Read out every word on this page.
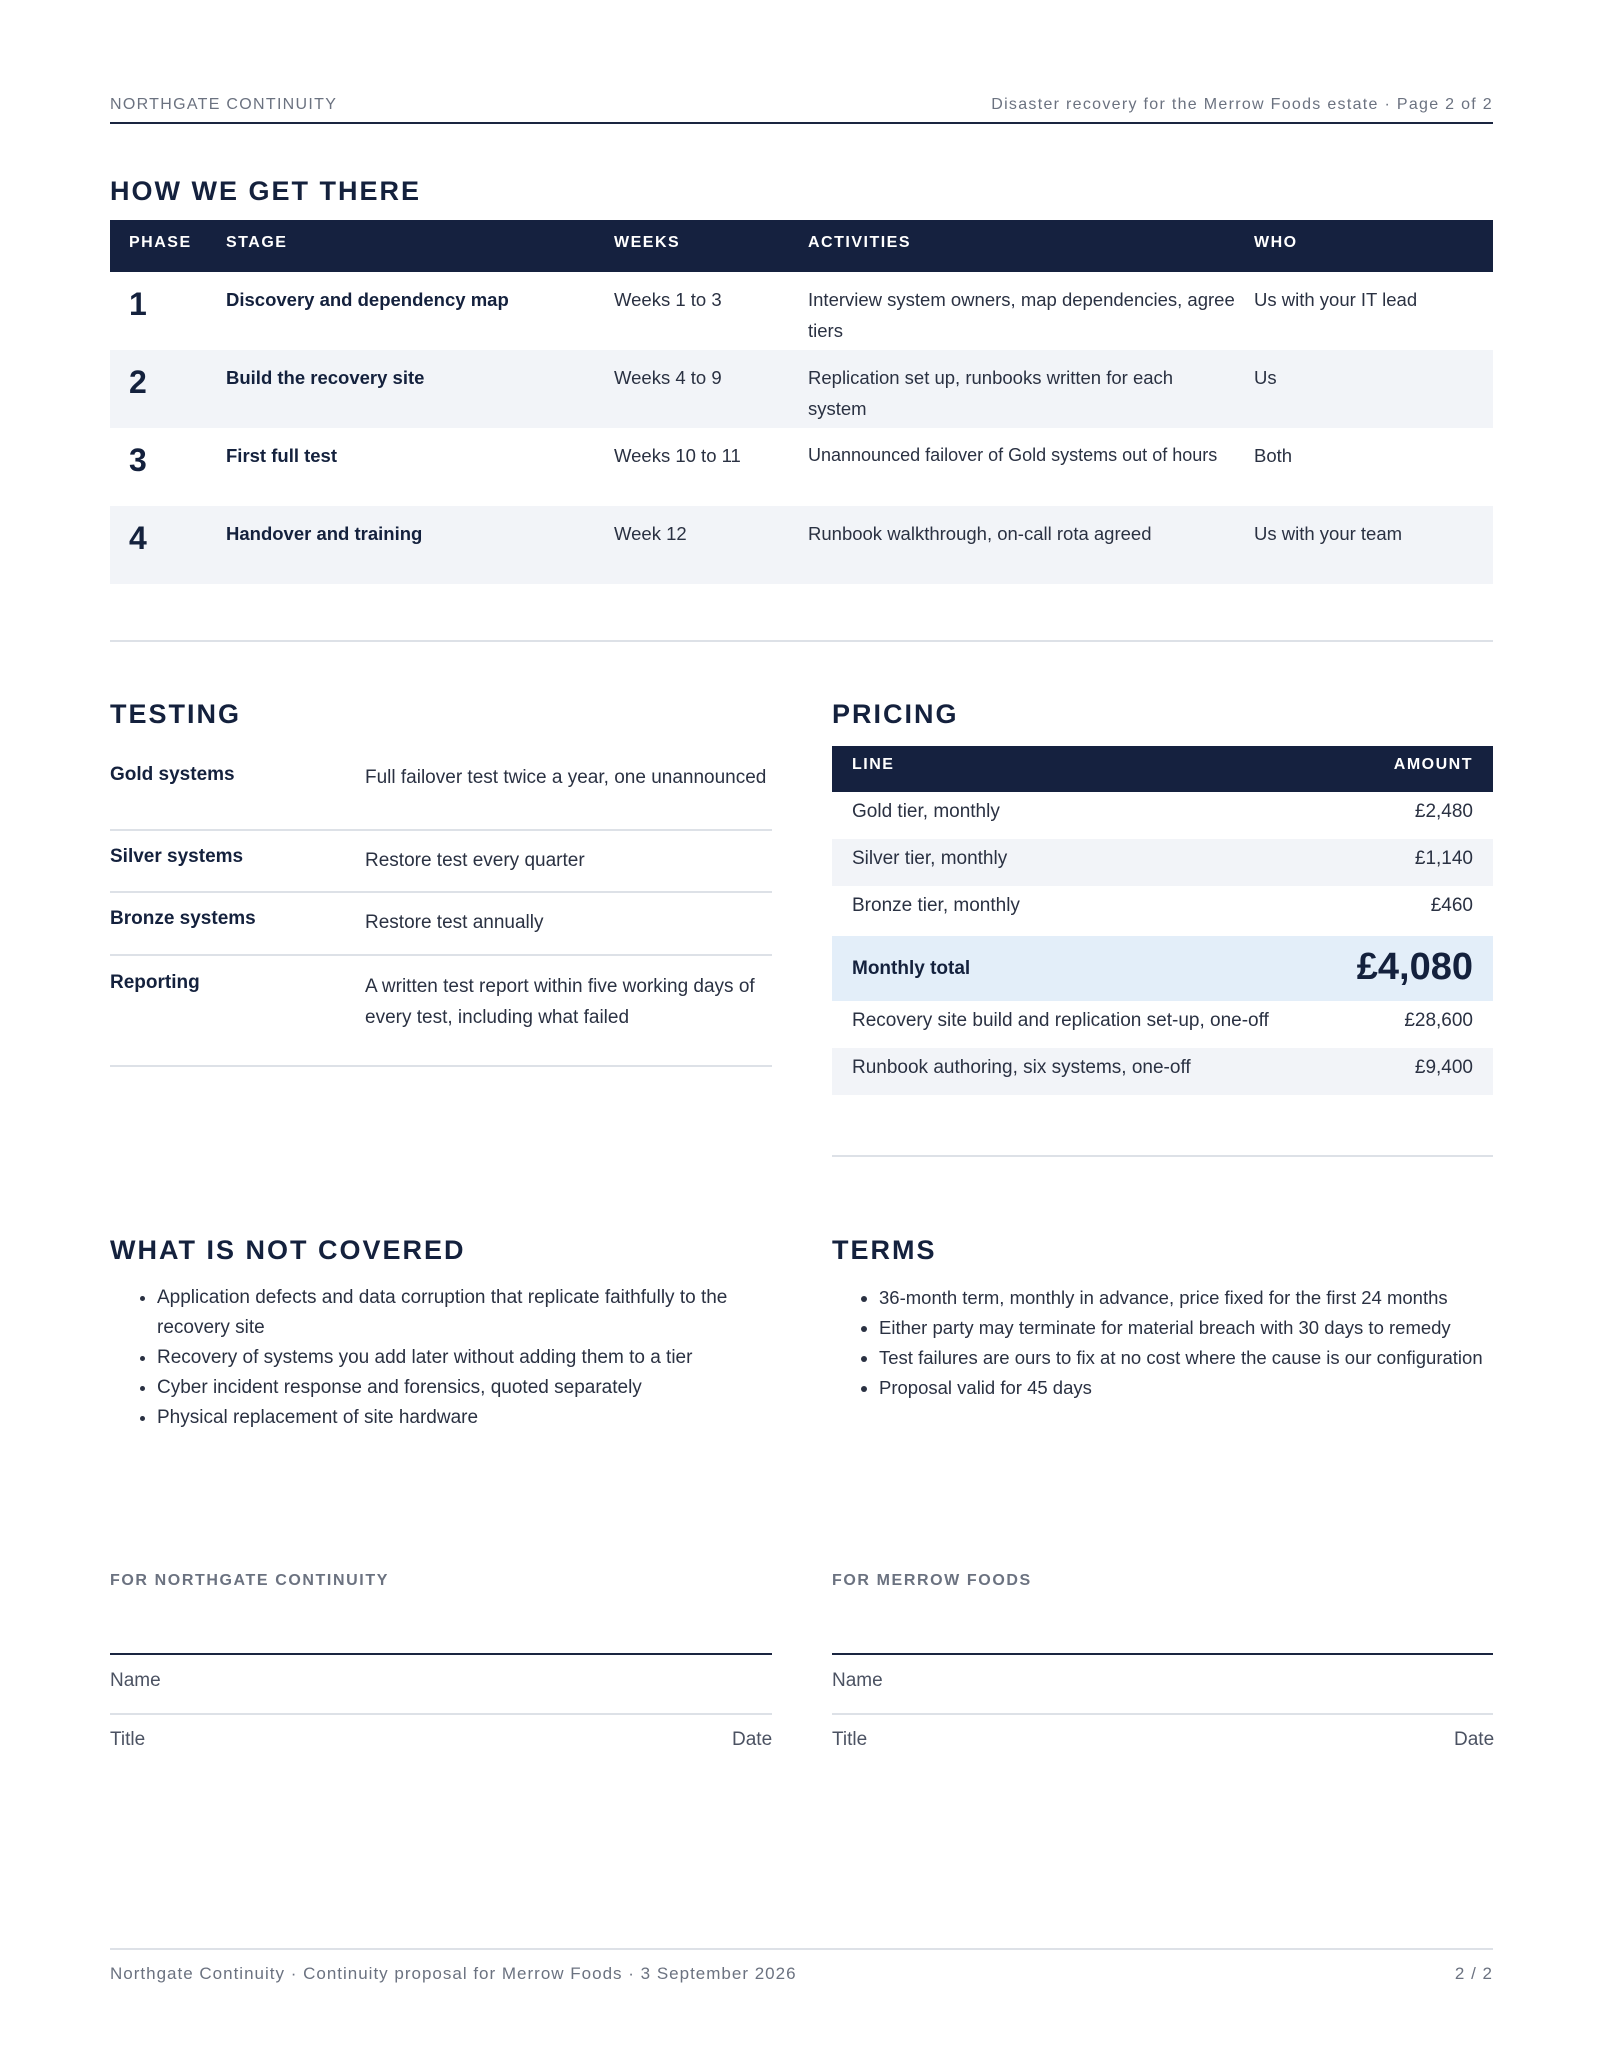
NORTHGATE CONTINUITY	Disaster recovery for the Merrow Foods estate · Page 2 of 2
HOW WE GET THERE
PHASE	STAGE	WEEKS	ACTIVITIES	WHO
1	Discovery and dependency map	Weeks 1 to 3	Interview system owners, map dependencies, agree tiers	Us with your IT lead
2	Build the recovery site	Weeks 4 to 9	Replication set up, runbooks written for each system	Us
3	First full test	Weeks 10 to 11	Unannounced failover of Gold systems out of hours	Both
4	Handover and training	Week 12	Runbook walkthrough, on-call rota agreed	Us with your team
TESTING
Gold systems	Full failover test twice a year, one unannounced
Silver systems	Restore test every quarter
Bronze systems	Restore test annually
Reporting	A written test report within five working days of every test, including what failed
PRICING
LINE	AMOUNT
Gold tier, monthly	£2,480
Silver tier, monthly	£1,140
Bronze tier, monthly	£460
Monthly total	£4,080
Recovery site build and replication set-up, one-off	£28,600
Runbook authoring, six systems, one-off	£9,400
WHAT IS NOT COVERED
• Application defects and data corruption that replicate faithfully to the recovery site
• Recovery of systems you add later without adding them to a tier
• Cyber incident response and forensics, quoted separately
• Physical replacement of site hardware
TERMS
• 36-month term, monthly in advance, price fixed for the first 24 months
• Either party may terminate for material breach with 30 days to remedy
• Test failures are ours to fix at no cost where the cause is our configuration
• Proposal valid for 45 days
FOR NORTHGATE CONTINUITY
Name
Title	Date
FOR MERROW FOODS
Name
Title	Date
Northgate Continuity · Continuity proposal for Merrow Foods · 3 September 2026	2 / 2
